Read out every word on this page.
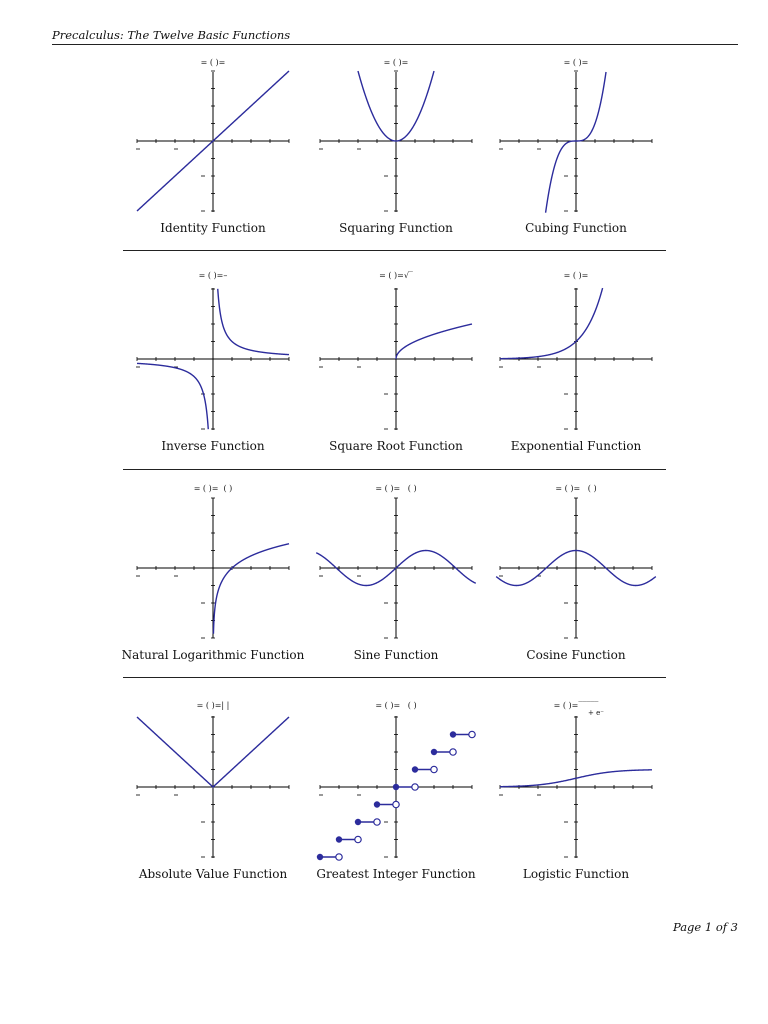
Precalculus: The Twelve Basic Functions
= ( )=
Identity Function
= ( )=
Squaring Function
= ( )=
Cubing Function
= ( )=–
Inverse Function
= ( )=√‾
Square Root Function
= ( )=
Exponential Function
= ( )=  ( )
Natural Logarithmic Function
= ( )=   ( )
Sine Function
= ( )=   ( )
Cosine Function
= ( )=| |
Absolute Value Function
= ( )=   ( )
Greatest Integer Function
= ( )=‾‾‾‾‾
+ e⁻
Logistic Function
Page 1 of 3
